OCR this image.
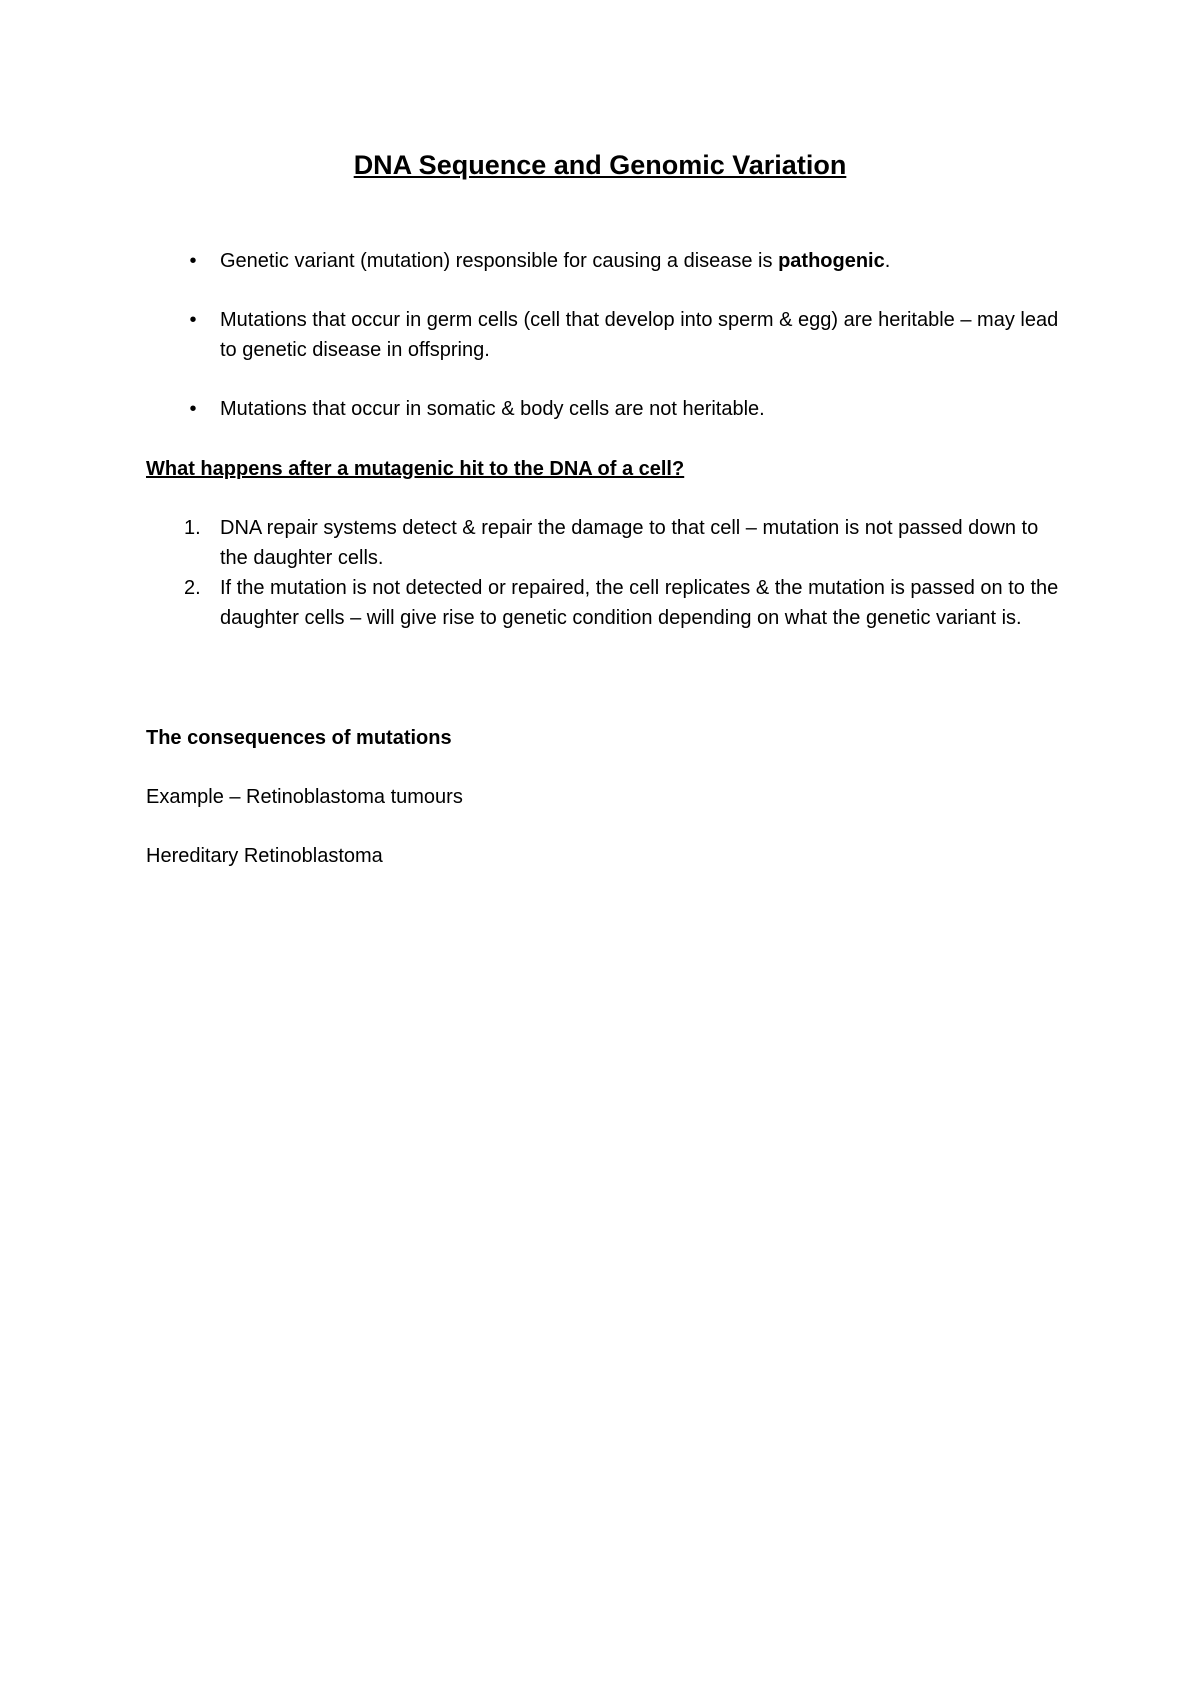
DNA Sequence and Genomic Variation
• Genetic variant (mutation) responsible for causing a disease is pathogenic.
• Mutations that occur in germ cells (cell that develop into sperm & egg) are heritable – may lead to genetic disease in offspring.
• Mutations that occur in somatic & body cells are not heritable.
What happens after a mutagenic hit to the DNA of a cell?
1. DNA repair systems detect & repair the damage to that cell – mutation is not passed down to the daughter cells.
2. If the mutation is not detected or repaired, the cell replicates & the mutation is passed on to the daughter cells – will give rise to genetic condition depending on what the genetic variant is.
The consequences of mutations
Example – Retinoblastoma tumours
Hereditary Retinoblastoma
